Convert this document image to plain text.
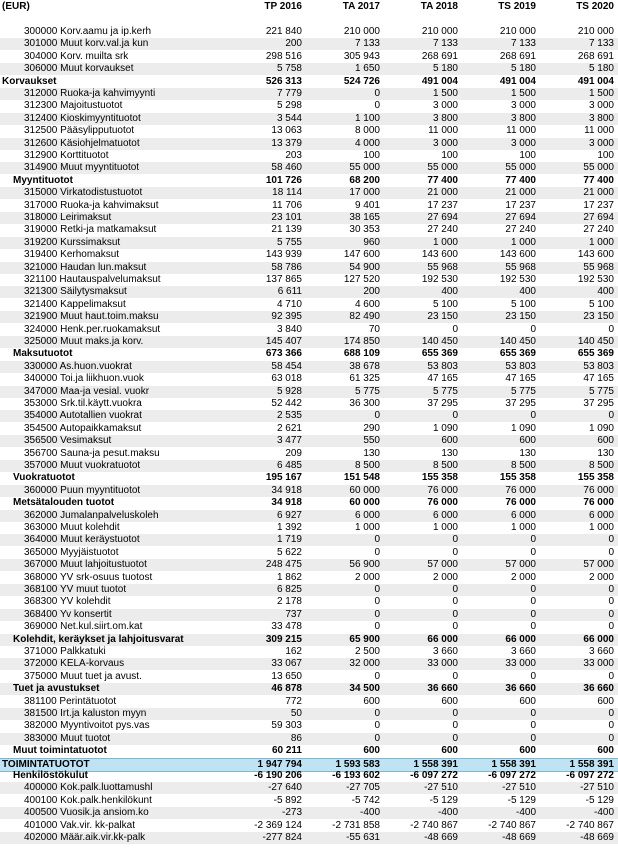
(EUR)	TP 2016	TA 2017	TA 2018	TS 2019	TS 2020
300000 Korv.aamu ja ip.kerh	221 840	210 000	210 000	210 000	210 000
301000 Muut korv.val.ja kun	200	7 133	7 133	7 133	7 133
304000 Korv. muilta srk	298 516	305 943	268 691	268 691	268 691
306000 Muut korvaukset	5 758	1 650	5 180	5 180	5 180
Korvaukset	526 313	524 726	491 004	491 004	491 004
312000 Ruoka-ja kahvimyynti	7 779	0	1 500	1 500	1 500
312300 Majoitustuotot	5 298	0	3 000	3 000	3 000
312400 Kioskimyyntituotot	3 544	1 100	3 800	3 800	3 800
312500 Pääsylipputuotot	13 063	8 000	11 000	11 000	11 000
312600 Käsiohjelmatuotot	13 379	4 000	3 000	3 000	3 000
312900 Korttituotot	203	100	100	100	100
314900 Muut myyntituotot	58 460	55 000	55 000	55 000	55 000
Myyntituotot	101 726	68 200	77 400	77 400	77 400
315000 Virkatodistustuotot	18 114	17 000	21 000	21 000	21 000
317000 Ruoka-ja kahvimaksut	11 706	9 401	17 237	17 237	17 237
318000 Leirimaksut	23 101	38 165	27 694	27 694	27 694
319000 Retki-ja matkamaksut	21 139	30 353	27 240	27 240	27 240
319200 Kurssimaksut	5 755	960	1 000	1 000	1 000
319400 Kerhomaksut	143 939	147 600	143 600	143 600	143 600
321000 Haudan lun.maksut	58 786	54 900	55 968	55 968	55 968
321100 Hautauspalvelumaksut	137 865	127 520	192 530	192 530	192 530
321300 Säilytysmaksut	6 611	200	400	400	400
321400 Kappelimaksut	4 710	4 600	5 100	5 100	5 100
321900 Muut haut.toim.maksu	92 395	82 490	23 150	23 150	23 150
324000 Henk.per.ruokamaksut	3 840	70	0	0	0
325000 Muut maks.ja korv.	145 407	174 850	140 450	140 450	140 450
Maksutuotot	673 366	688 109	655 369	655 369	655 369
330000 As.huon.vuokrat	58 454	38 678	53 803	53 803	53 803
340000 Toi.ja liikhuon.vuok	63 018	61 325	47 165	47 165	47 165
347000 Maa-ja vesial. vuokr	5 928	5 775	5 775	5 775	5 775
353000 Srk.til.käytt.vuokra	52 442	36 300	37 295	37 295	37 295
354000 Autotallien vuokrat	2 535	0	0	0	0
354500 Autopaikkamaksut	2 621	290	1 090	1 090	1 090
356500 Vesimaksut	3 477	550	600	600	600
356700 Sauna-ja pesut.maksu	209	130	130	130	130
357000 Muut vuokratuotot	6 485	8 500	8 500	8 500	8 500
Vuokratuotot	195 167	151 548	155 358	155 358	155 358
360000 Puun myyntituotot	34 918	60 000	76 000	76 000	76 000
Metsätalouden tuotot	34 918	60 000	76 000	76 000	76 000
362000 Jumalanpalveluskoleh	6 927	6 000	6 000	6 000	6 000
363000 Muut kolehdit	1 392	1 000	1 000	1 000	1 000
364000 Muut keräystuotot	1 719	0	0	0	0
365000 Myyjäistuotot	5 622	0	0	0	0
367000 Muut lahjoitustuotot	248 475	56 900	57 000	57 000	57 000
368000 YV srk-osuus tuotost	1 862	2 000	2 000	2 000	2 000
368100 YV muut tuotot	6 825	0	0	0	0
368300 YV kolehdit	2 178	0	0	0	0
368400 Yv konsertit	737	0	0	0	0
369000 Net.kul.siirt.om.kat	33 478	0	0	0	0
Kolehdit, keräykset ja lahjoitusvarat	309 215	65 900	66 000	66 000	66 000
371000 Palkkatuki	162	2 500	3 660	3 660	3 660
372000 KELA-korvaus	33 067	32 000	33 000	33 000	33 000
375000 Muut tuet ja avust.	13 650	0	0	0	0
Tuet ja avustukset	46 878	34 500	36 660	36 660	36 660
381100 Perintätuotot	772	600	600	600	600
381500 Irt.ja kaluston myyn	50	0	0	0	0
382000 Myyntivoitot pys.vas	59 303	0	0	0	0
383000 Muut tuotot	86	0	0	0	0
Muut toimintatuotot	60 211	600	600	600	600
TOIMINTATUOTOT	1 947 794	1 593 583	1 558 391	1 558 391	1 558 391
Henkilöstökulut	-6 190 206	-6 193 602	-6 097 272	-6 097 272	-6 097 272
400000 Kok.palk.luottamushl	-27 640	-27 705	-27 510	-27 510	-27 510
400100 Kok.palk.henkilökunt	-5 892	-5 742	-5 129	-5 129	-5 129
400500 Vuosik.ja ansiom.ko	-273	-400	-400	-400	-400
401000 Vak.vir. kk-palkat	-2 369 124	-2 731 858	-2 740 867	-2 740 867	-2 740 867
402000 Määr.aik.vir.kk-palk	-277 824	-55 631	-48 669	-48 669	-48 669
